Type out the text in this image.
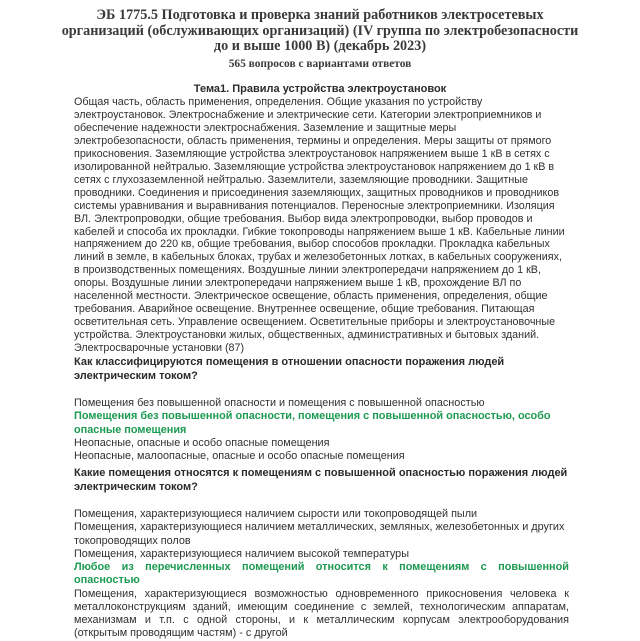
ЭБ 1775.5 Подготовка и проверка знаний работников электросетевых организаций (обслуживающих организаций) (IV группа по электробезопасности до и выше 1000 В) (декабрь 2023)

565 вопросов с вариантами ответов

Тема1. Правила устройства электроустановок

Общая часть, область применения, определения. Общие указания по устройству электроустановок. Электроснабжение и электрические сети. Категории электроприемников и обеспечение надежности электроснабжения. Заземление и защитные меры электробезопасности, область применения, термины и определения. Меры защиты от прямого прикосновения. Заземляющие устройства электроустановок напряжением выше 1 кВ в сетях с изолированной нейтралью. Заземляющие устройства электроустановок напряжением до 1 кВ в сетях с глухозаземленной нейтралью. Заземлители, заземляющие проводники. Защитные проводники. Соединения и присоединения заземляющих, защитных проводников и проводников системы уравнивания и выравнивания потенциалов. Переносные электроприемники. Изоляция ВЛ. Электропроводки, общие требования. Выбор вида электропроводки, выбор проводов и кабелей и способа их прокладки. Гибкие токопроводы напряжением выше 1 кВ. Кабельные линии напряжением до 220 кв, общие требования, выбор способов прокладки. Прокладка кабельных линий в земле, в кабельных блоках, трубах и железобетонных лотках, в кабельных сооружениях, в производственных помещениях. Воздушные линии электропередачи напряжением до 1 кВ, опоры. Воздушные линии электропередачи напряжением выше 1 кВ, прохождение ВЛ по населенной местности. Электрическое освещение, область применения, определения, общие требования. Аварийное освещение. Внутреннее освещение, общие требования. Питающая осветительная сеть. Управление освещением. Осветительные приборы и электроустановочные устройства. Электроустановки жилых, общественных, административных и бытовых зданий. Электросварочные установки (87)

Как классифицируются помещения в отношении опасности поражения людей электрическим током?

Помещения без повышенной опасности и помещения с повышенной опасностью

Помещения без повышенной опасности, помещения с повышенной опасностью, особо опасные помещения

Неопасные, опасные и особо опасные помещения

Неопасные, малоопасные, опасные и особо опасные помещения

Какие помещения относятся к помещениям с повышенной опасностью поражения людей электрическим током?

Помещения, характеризующиеся наличием сырости или токопроводящей пыли

Помещения, характеризующиеся наличием металлических, земляных, железобетонных и других токопроводящих полов

Помещения, характеризующиеся наличием высокой температуры

Любое из перечисленных помещений относится к помещениям с повышенной опасностью

Помещения, характеризующиеся возможностью одновременного прикосновения человека к металлоконструкциям зданий, имеющим соединение с землей, технологическим аппаратам, механизмам и т.п. с одной стороны, и к металлическим корпусам электрооборудования (открытым проводящим частям) - с другой
